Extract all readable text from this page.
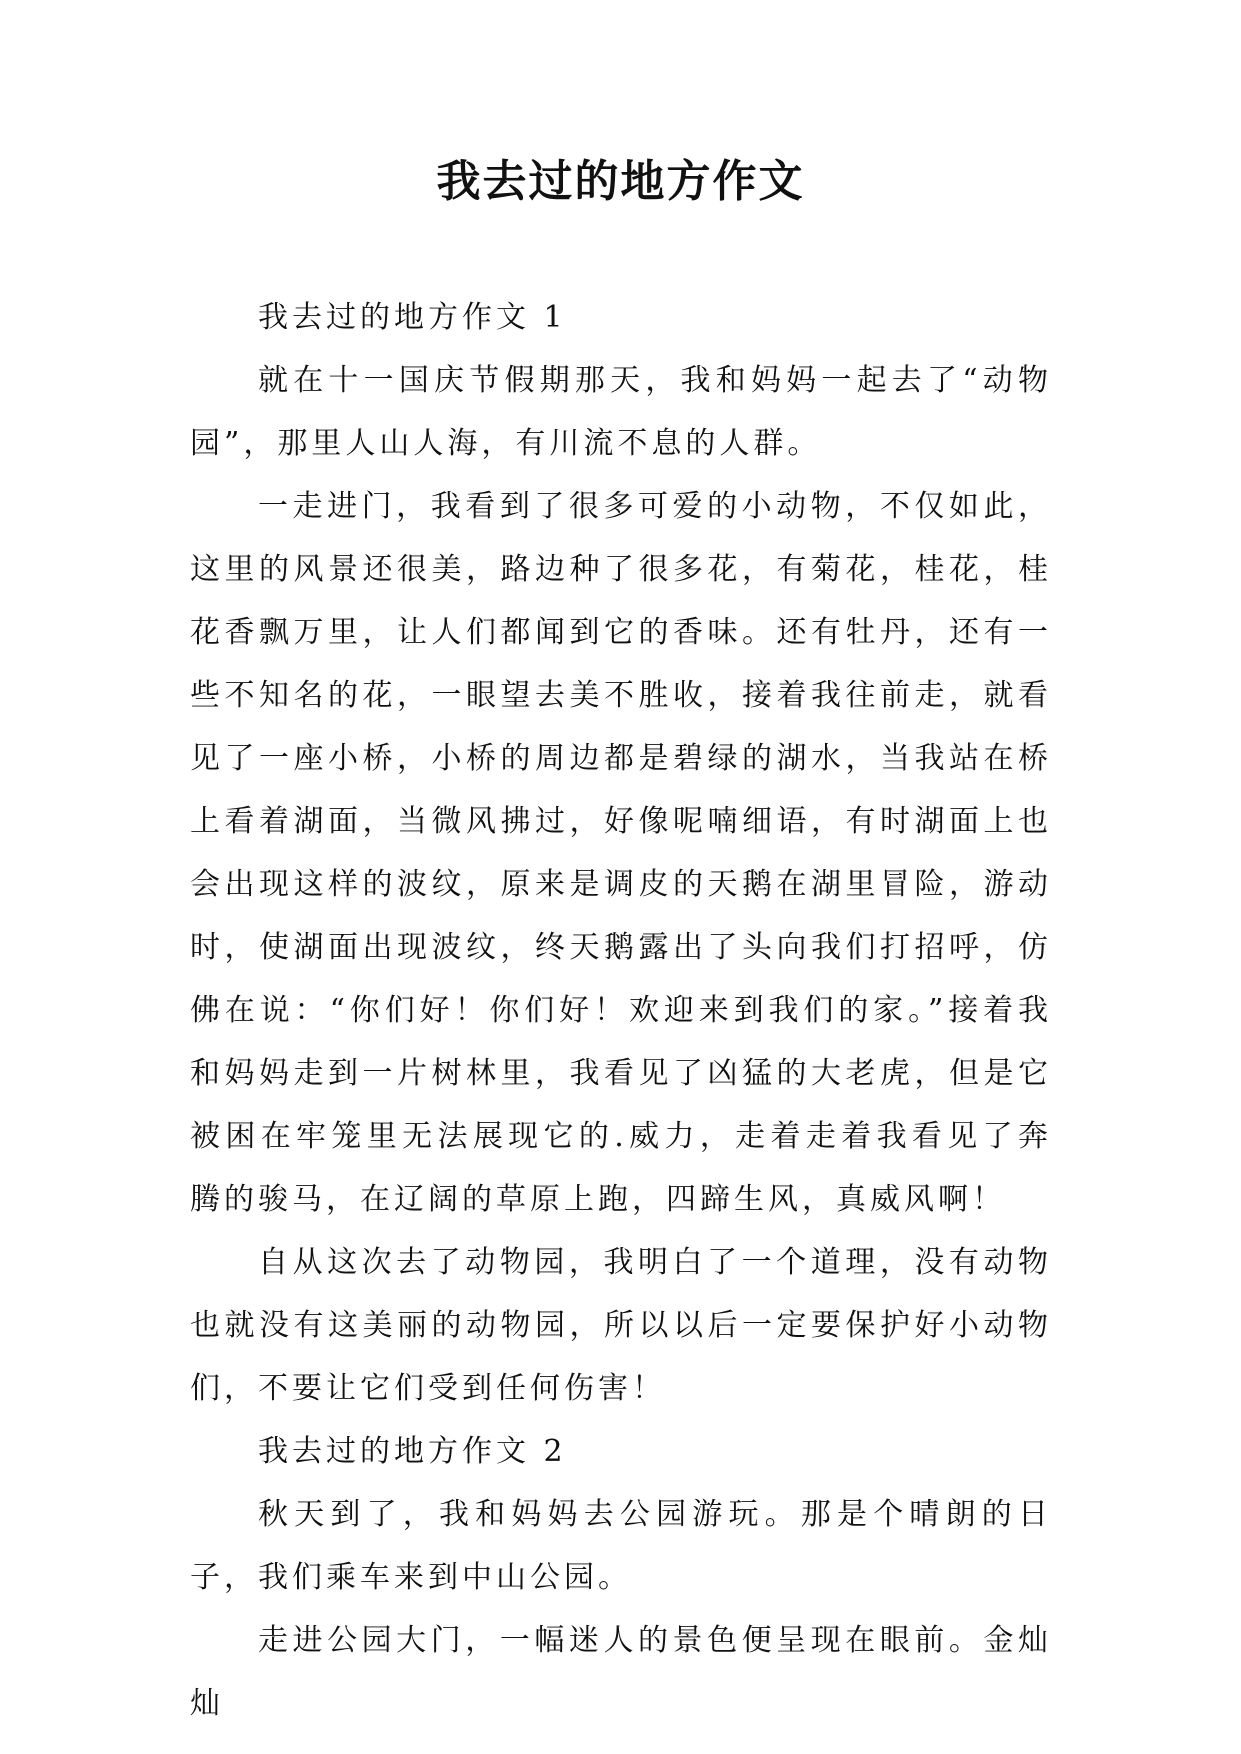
我去过的地方作文

我去过的地方作文 1

就在十一国庆节假期那天，我和妈妈一起去了“动物园”，那里人山人海，有川流不息的人群。

一走进门，我看到了很多可爱的小动物，不仅如此，这里的风景还很美，路边种了很多花，有菊花，桂花，桂花香飘万里，让人们都闻到它的香味。还有牡丹，还有一些不知名的花，一眼望去美不胜收，接着我往前走，就看见了一座小桥，小桥的周边都是碧绿的湖水，当我站在桥上看着湖面，当微风拂过，好像呢喃细语，有时湖面上也会出现这样的波纹，原来是调皮的天鹅在湖里冒险，游动时，使湖面出现波纹，终天鹅露出了头向我们打招呼，仿佛在说：“你们好！你们好！欢迎来到我们的家。”接着我和妈妈走到一片树林里，我看见了凶猛的大老虎，但是它被困在牢笼里无法展现它的.威力，走着走着我看见了奔腾的骏马，在辽阔的草原上跑，四蹄生风，真威风啊！

自从这次去了动物园，我明白了一个道理，没有动物也就没有这美丽的动物园，所以以后一定要保护好小动物们，不要让它们受到任何伤害！

我去过的地方作文 2

秋天到了，我和妈妈去公园游玩。那是个晴朗的日子，我们乘车来到中山公园。

走进公园大门，一幅迷人的景色便呈现在眼前。金灿灿
